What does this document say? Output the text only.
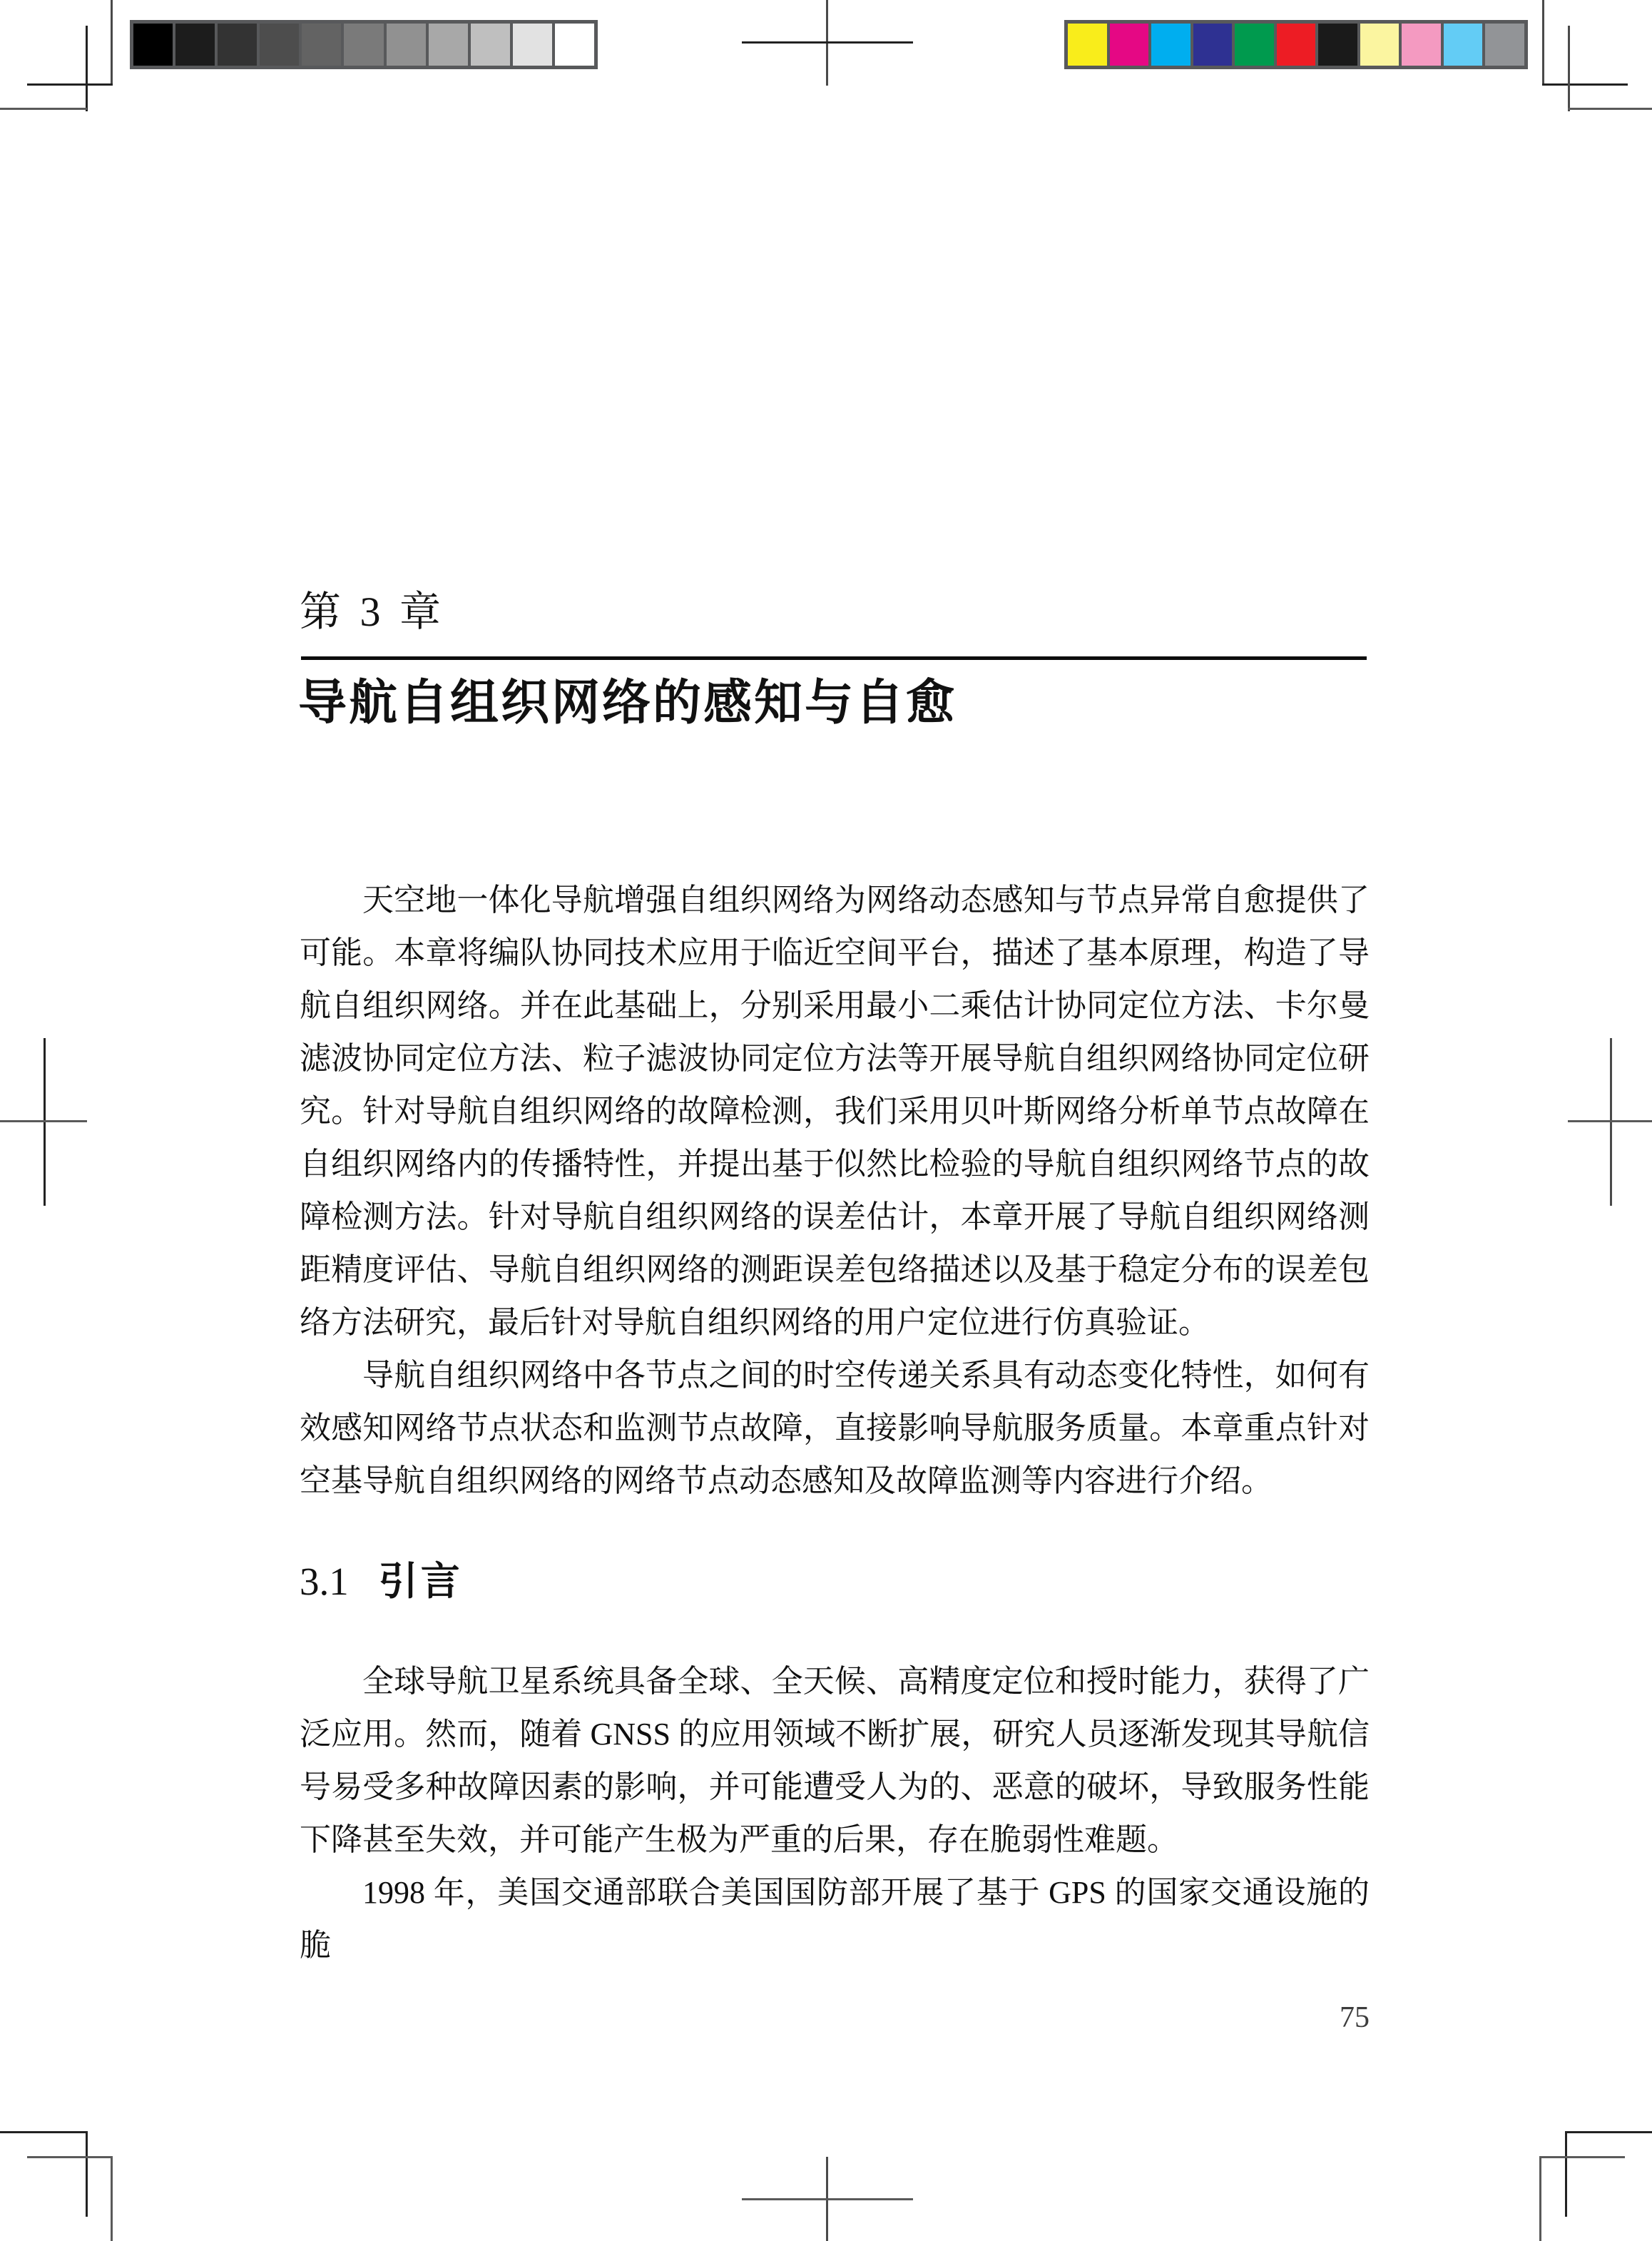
第 3 章
导航自组织网络的感知与自愈

天空地一体化导航增强自组织网络为网络动态感知与节点异常自愈提供了可能。本章将编队协同技术应用于临近空间平台，描述了基本原理，构造了导航自组织网络。并在此基础上，分别采用最小二乘估计协同定位方法、卡尔曼滤波协同定位方法、粒子滤波协同定位方法等开展导航自组织网络协同定位研究。针对导航自组织网络的故障检测，我们采用贝叶斯网络分析单节点故障在自组织网络内的传播特性，并提出基于似然比检验的导航自组织网络节点的故障检测方法。针对导航自组织网络的误差估计，本章开展了导航自组织网络测距精度评估、导航自组织网络的测距误差包络描述以及基于稳定分布的误差包络方法研究，最后针对导航自组织网络的用户定位进行仿真验证。

导航自组织网络中各节点之间的时空传递关系具有动态变化特性，如何有效感知网络节点状态和监测节点故障，直接影响导航服务质量。本章重点针对空基导航自组织网络的网络节点动态感知及故障监测等内容进行介绍。

3.1 引言

全球导航卫星系统具备全球、全天候、高精度定位和授时能力，获得了广泛应用。然而，随着 GNSS 的应用领域不断扩展，研究人员逐渐发现其导航信号易受多种故障因素的影响，并可能遭受人为的、恶意的破坏，导致服务性能下降甚至失效，并可能产生极为严重的后果，存在脆弱性难题。

1998 年，美国交通部联合美国国防部开展了基于 GPS 的国家交通设施的脆

75
